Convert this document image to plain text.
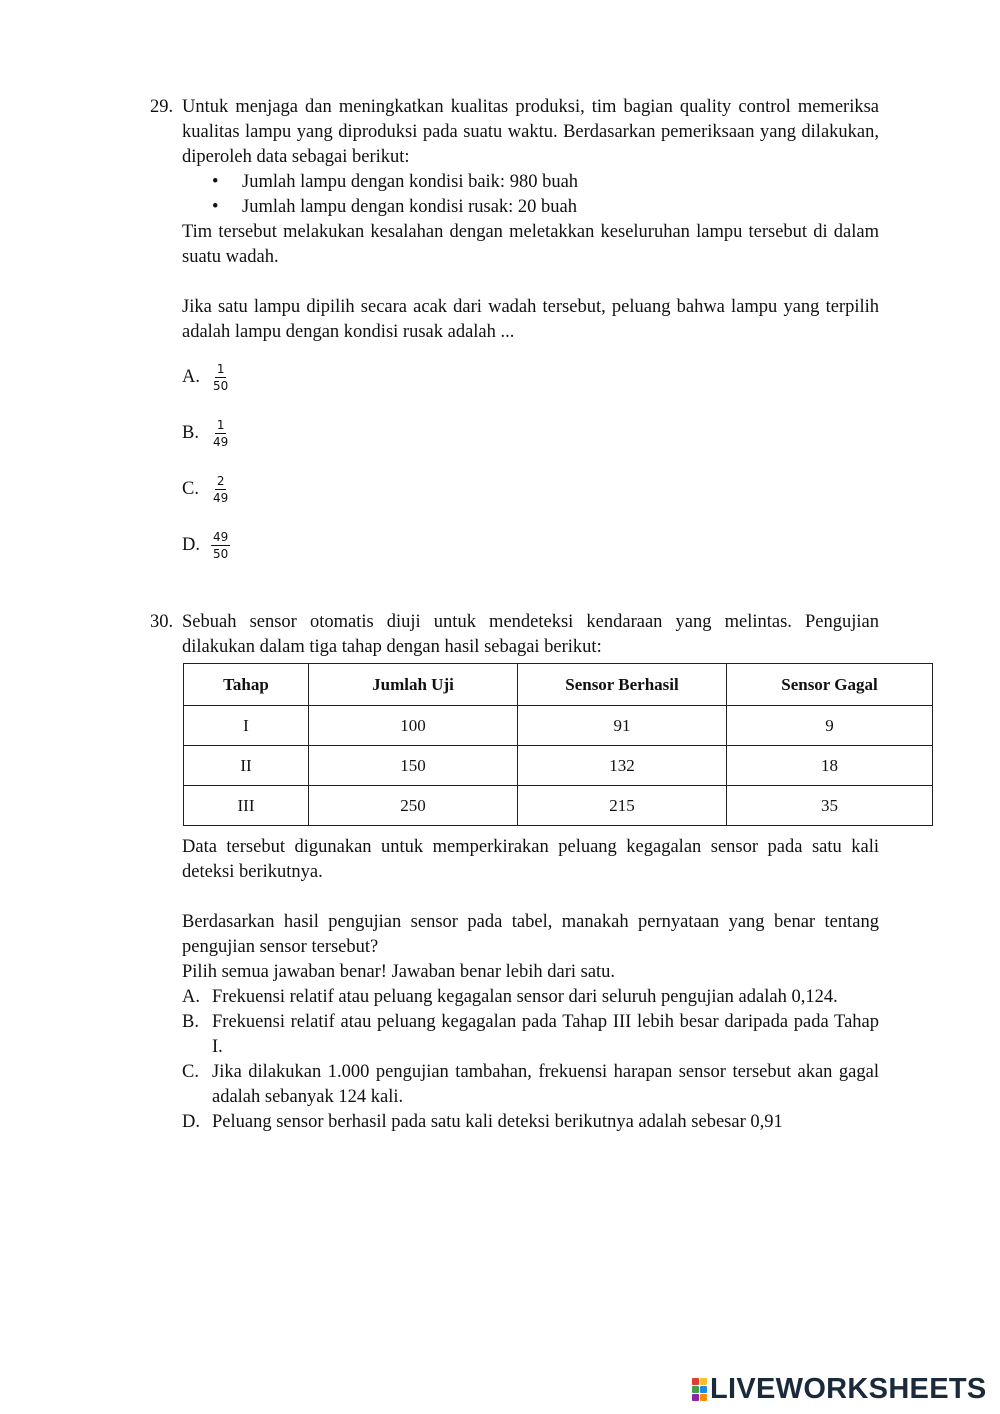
29. Untuk menjaga dan meningkatkan kualitas produksi, tim bagian quality control memeriksa kualitas lampu yang diproduksi pada suatu waktu. Berdasarkan pemeriksaan yang dilakukan, diperoleh data sebagai berikut:

• Jumlah lampu dengan kondisi baik: 980 buah
• Jumlah lampu dengan kondisi rusak: 20 buah

Tim tersebut melakukan kesalahan dengan meletakkan keseluruhan lampu tersebut di dalam suatu wadah.

Jika satu lampu dipilih secara acak dari wadah tersebut, peluang bahwa lampu yang terpilih adalah lampu dengan kondisi rusak adalah ...

A. $\frac{1}{50}$
B.	$\frac{1}{49}$
C.	$\frac{2}{49}$
D. $\frac{49}{50}$
30. Sebuah sensor otomatis diuji untuk mendeteksi kendaraan yang melintas. Pengujian dilakukan dalam tiga tahap dengan hasil sebagai berikut:

Tahap	Jumlah Uji	Sensor Berhasil	Sensor Gagal
I	100	91	9
II	150	132	18
III	250	215	35

Data tersebut digunakan untuk memperkirakan peluang kegagalan sensor pada satu kali deteksi berikutnya.

Berdasarkan hasil pengujian sensor pada tabel, manakah pernyataan yang benar tentang pengujian sensor tersebut?

Pilih semua jawaban benar! Jawaban benar lebih dari satu.

A. Frekuensi relatif atau peluang kegagalan sensor dari seluruh pengujian adalah 0,124.
B. Frekuensi relatif atau peluang kegagalan pada Tahap III lebih besar daripada pada Tahap I.
C. Jika dilakukan 1.000 pengujian tambahan, frekuensi harapan sensor tersebut akan gagal adalah sebanyak 124 kali.
D. Peluang sensor berhasil pada satu kali deteksi berikutnya adalah sebesar 0,91
LIVEWORKSHEETS
